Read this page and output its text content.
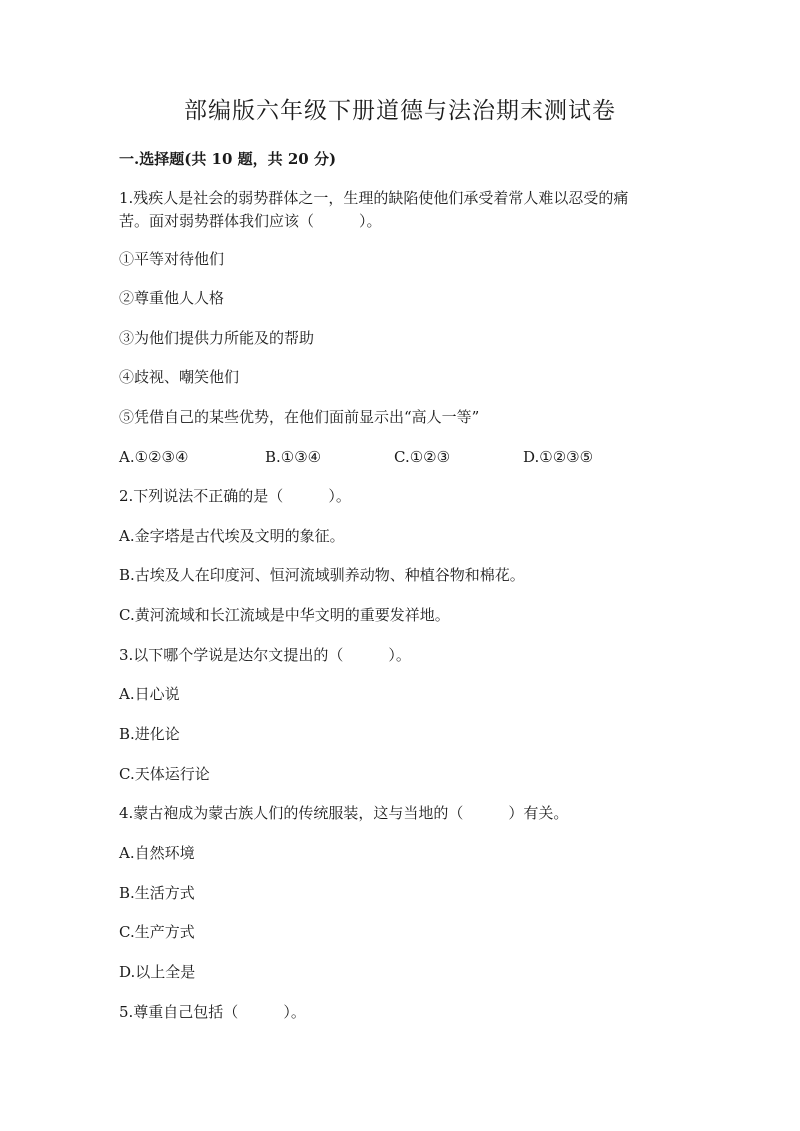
部编版六年级下册道德与法治期末测试卷
一.选择题(共 10 题，共 20 分)
1.残疾人是社会的弱势群体之一，生理的缺陷使他们承受着常人难以忍受的痛
苦。面对弱势群体我们应该（　　　）。
①平等对待他们
②尊重他人人格
③为他们提供力所能及的帮助
④歧视、嘲笑他们
⑤凭借自己的某些优势，在他们面前显示出“高人一等”
A.①②③④	B.①③④	C.①②③	D.①②③⑤
2.下列说法不正确的是（　　　）。
A.金字塔是古代埃及文明的象征。
B.古埃及人在印度河、恒河流域驯养动物、种植谷物和棉花。
C.黄河流域和长江流域是中华文明的重要发祥地。
3.以下哪个学说是达尔文提出的（　　　）。
A.日心说
B.进化论
C.天体运行论
4.蒙古袍成为蒙古族人们的传统服装，这与当地的（　　　）有关。
A.自然环境
B.生活方式
C.生产方式
D.以上全是
5.尊重自己包括（　　　）。
